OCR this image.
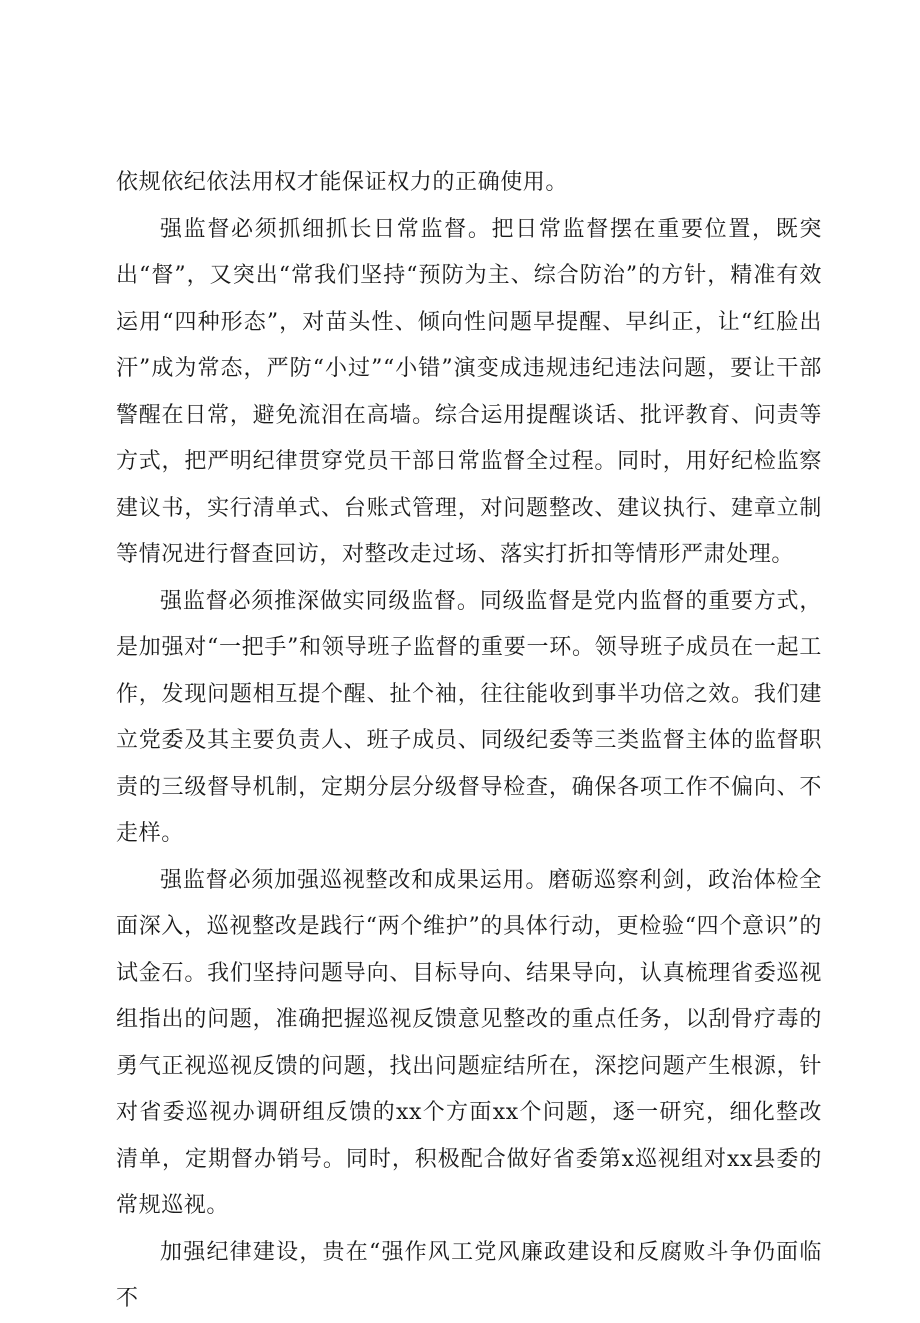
依规依纪依法用权才能保证权力的正确使用。

强监督必须抓细抓长日常监督。把日常监督摆在重要位置，既突出“督”，又突出“常我们坚持“预防为主、综合防治”的方针，精准有效运用“四种形态”，对苗头性、倾向性问题早提醒、早纠正，让“红脸出汗”成为常态，严防“小过”“小错”演变成违规违纪违法问题，要让干部警醒在日常，避免流泪在高墙。综合运用提醒谈话、批评教育、问责等方式，把严明纪律贯穿党员干部日常监督全过程。同时，用好纪检监察建议书，实行清单式、台账式管理，对问题整改、建议执行、建章立制等情况进行督查回访，对整改走过场、落实打折扣等情形严肃处理。

强监督必须推深做实同级监督。同级监督是党内监督的重要方式，是加强对“一把手”和领导班子监督的重要一环。领导班子成员在一起工作，发现问题相互提个醒、扯个袖，往往能收到事半功倍之效。我们建立党委及其主要负责人、班子成员、同级纪委等三类监督主体的监督职责的三级督导机制，定期分层分级督导检查，确保各项工作不偏向、不走样。

强监督必须加强巡视整改和成果运用。磨砺巡察利剑，政治体检全面深入，巡视整改是践行“两个维护”的具体行动，更检验“四个意识”的试金石。我们坚持问题导向、目标导向、结果导向，认真梳理省委巡视组指出的问题，准确把握巡视反馈意见整改的重点任务，以刮骨疗毒的勇气正视巡视反馈的问题，找出问题症结所在，深挖问题产生根源，针对省委巡视办调研组反馈的xx个方面xx个问题，逐一研究，细化整改清单，定期督办销号。同时，积极配合做好省委第x巡视组对xx县委的常规巡视。

加强纪律建设，贵在“强作风工党风廉政建设和反腐败斗争仍面临不
